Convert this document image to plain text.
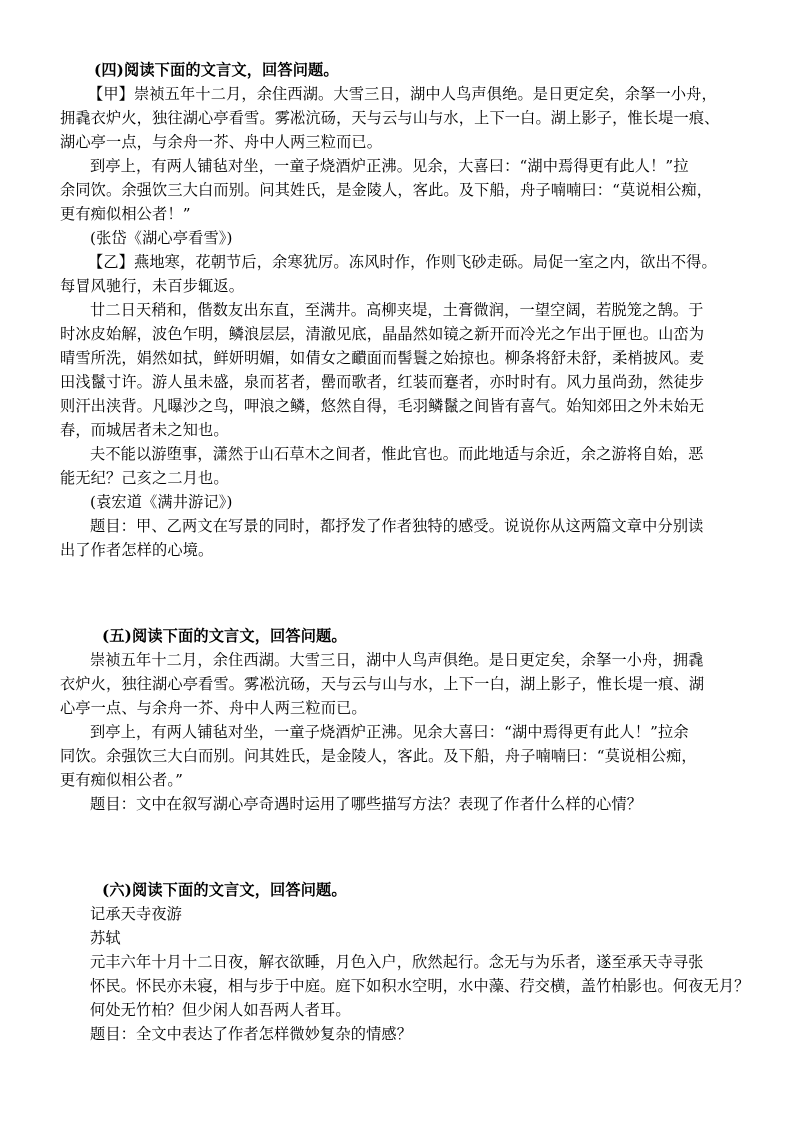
(四)阅读下面的文言文，回答问题。
【甲】崇祯五年十二月，余住西湖。大雪三日，湖中人鸟声俱绝。是日更定矣，余拏一小舟，
拥毳衣炉火，独往湖心亭看雪。雾凇沆砀，天与云与山与水，上下一白。湖上影子，惟长堤一痕、
湖心亭一点，与余舟一芥、舟中人两三粒而已。
到亭上，有两人铺毡对坐，一童子烧酒炉正沸。见余，大喜曰：“湖中焉得更有此人！”拉
余同饮。余强饮三大白而别。问其姓氏，是金陵人，客此。及下船，舟子喃喃曰：“莫说相公痴，
更有痴似相公者！”
(张岱《湖心亭看雪》)
【乙】燕地寒，花朝节后，余寒犹厉。冻风时作，作则飞砂走砾。局促一室之内，欲出不得。
每冒风驰行，未百步辄返。
廿二日天稍和，偕数友出东直，至满井。高柳夹堤，土膏微润，一望空阔，若脱笼之鹄。于
时冰皮始解，波色乍明，鳞浪层层，清澈见底，晶晶然如镜之新开而冷光之乍出于匣也。山峦为
晴雪所洗，娟然如拭，鲜妍明媚，如倩女之靧面而髻鬟之始掠也。柳条将舒未舒，柔梢披风。麦
田浅鬣寸许。游人虽未盛，泉而茗者，罍而歌者，红装而蹇者，亦时时有。风力虽尚劲，然徒步
则汗出浃背。凡曝沙之鸟，呷浪之鳞，悠然自得，毛羽鳞鬣之间皆有喜气。始知郊田之外未始无
春，而城居者未之知也。
夫不能以游堕事，潇然于山石草木之间者，惟此官也。而此地适与余近，余之游将自始，恶
能无纪？己亥之二月也。
(袁宏道《满井游记》)
题目：甲、乙两文在写景的同时，都抒发了作者独特的感受。说说你从这两篇文章中分别读
出了作者怎样的心境。
(五)阅读下面的文言文，回答问题。
崇祯五年十二月，余住西湖。大雪三日，湖中人鸟声俱绝。是日更定矣，余拏一小舟，拥毳
衣炉火，独往湖心亭看雪。雾凇沆砀，天与云与山与水，上下一白，湖上影子，惟长堤一痕、湖
心亭一点、与余舟一芥、舟中人两三粒而已。
到亭上，有两人铺毡对坐，一童子烧酒炉正沸。见余大喜曰：“湖中焉得更有此人！”拉余
同饮。余强饮三大白而别。问其姓氏，是金陵人，客此。及下船，舟子喃喃曰：“莫说相公痴，
更有痴似相公者。”
题目：文中在叙写湖心亭奇遇时运用了哪些描写方法？表现了作者什么样的心情？
(六)阅读下面的文言文，回答问题。
记承天寺夜游
苏轼
元丰六年十月十二日夜，解衣欲睡，月色入户，欣然起行。念无与为乐者，遂至承天寺寻张
怀民。怀民亦未寝，相与步于中庭。庭下如积水空明，水中藻、荇交横，盖竹柏影也。何夜无月？
何处无竹柏？但少闲人如吾两人者耳。
题目：全文中表达了作者怎样微妙复杂的情感？
